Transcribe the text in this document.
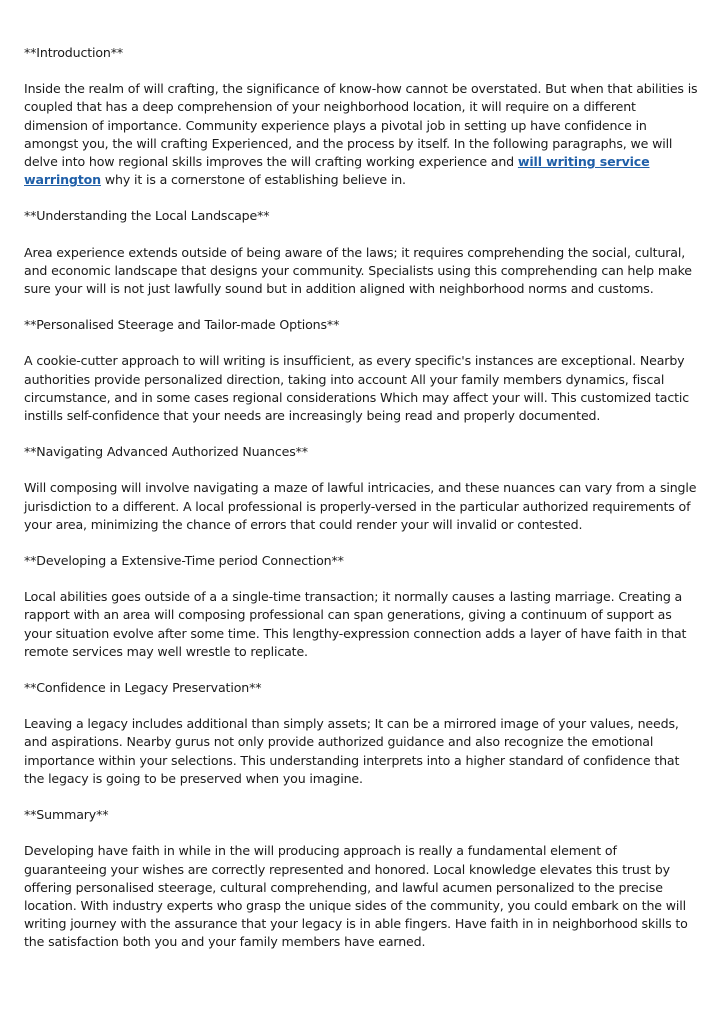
**Introduction**

Inside the realm of will crafting, the significance of know-how cannot be overstated. But when that abilities is coupled that has a deep comprehension of your neighborhood location, it will require on a different dimension of importance. Community experience plays a pivotal job in setting up have confidence in amongst you, the will crafting Experienced, and the process by itself. In the following paragraphs, we will delve into how regional skills improves the will crafting working experience and will writing service warrington why it is a cornerstone of establishing believe in.

**Understanding the Local Landscape**

Area experience extends outside of being aware of the laws; it requires comprehending the social, cultural, and economic landscape that designs your community. Specialists using this comprehending can help make sure your will is not just lawfully sound but in addition aligned with neighborhood norms and customs.

**Personalised Steerage and Tailor-made Options**

A cookie-cutter approach to will writing is insufficient, as every specific's instances are exceptional. Nearby authorities provide personalized direction, taking into account All your family members dynamics, fiscal circumstance, and in some cases regional considerations Which may affect your will. This customized tactic instills self-confidence that your needs are increasingly being read and properly documented.

**Navigating Advanced Authorized Nuances**

Will composing will involve navigating a maze of lawful intricacies, and these nuances can vary from a single jurisdiction to a different. A local professional is properly-versed in the particular authorized requirements of your area, minimizing the chance of errors that could render your will invalid or contested.

**Developing a Extensive-Time period Connection**

Local abilities goes outside of a a single-time transaction; it normally causes a lasting marriage. Creating a rapport with an area will composing professional can span generations, giving a continuum of support as your situation evolve after some time. This lengthy-expression connection adds a layer of have faith in that remote services may well wrestle to replicate.

**Confidence in Legacy Preservation**

Leaving a legacy includes additional than simply assets; It can be a mirrored image of your values, needs, and aspirations. Nearby gurus not only provide authorized guidance and also recognize the emotional importance within your selections. This understanding interprets into a higher standard of confidence that the legacy is going to be preserved when you imagine.

**Summary**

Developing have faith in while in the will producing approach is really a fundamental element of guaranteeing your wishes are correctly represented and honored. Local knowledge elevates this trust by offering personalised steerage, cultural comprehending, and lawful acumen personalized to the precise location. With industry experts who grasp the unique sides of the community, you could embark on the will writing journey with the assurance that your legacy is in able fingers. Have faith in in neighborhood skills to the satisfaction both you and your family members have earned.
